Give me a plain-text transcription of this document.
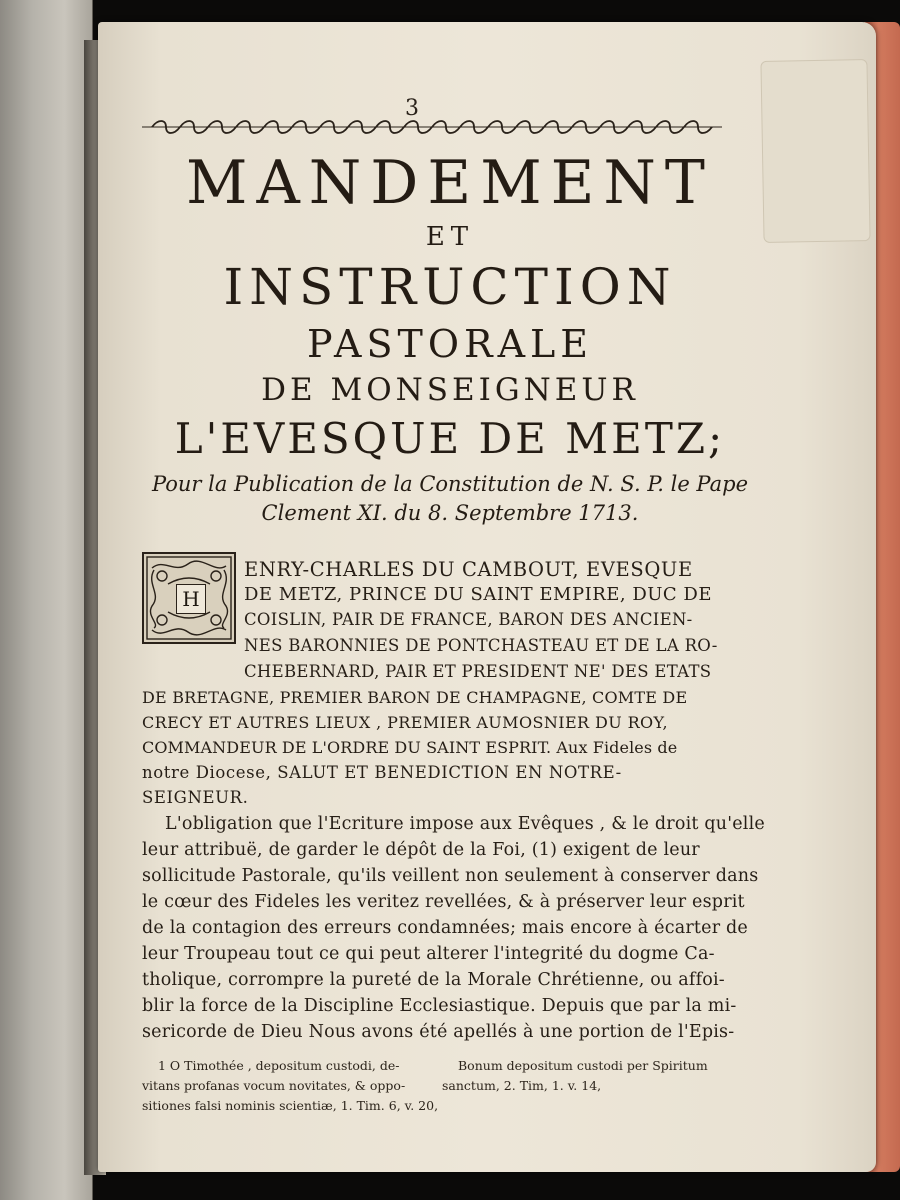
3
MANDEMENT
ET
INSTRUCTION
PASTORALE
DE MONSEIGNEUR
L'EVESQUE DE METZ;
Pour la Publication de la Constitution de N. S. P. le Pape
Clement XI. du 8. Septembre 1713.
H
ENRY-CHARLES DU CAMBOUT, EVESQUE
DE METZ, PRINCE DU SAINT EMPIRE, DUC DE
COISLIN, PAIR DE FRANCE, BARON DES ANCIEN-
NES BARONNIES DE PONTCHASTEAU ET DE LA RO-
CHEBERNARD, PAIR ET PRESIDENT NE' DES ETATS
DE BRETAGNE, PREMIER BARON DE CHAMPAGNE, COMTE DE
CRECY ET AUTRES LIEUX , PREMIER AUMOSNIER DU ROY,
COMMANDEUR DE L'ORDRE DU SAINT ESPRIT. Aux Fideles de
notre Diocese, SALUT ET BENEDICTION EN NOTRE-
SEIGNEUR.
L'obligation que l'Ecriture impose aux Evêques , & le droit qu'elle
leur attribuë, de garder le dépôt de la Foi, (1) exigent de leur
sollicitude Pastorale, qu'ils veillent non seulement à conserver dans
le cœur des Fideles les veritez revellées, & à préserver leur esprit
de la contagion des erreurs condamnées; mais encore à écarter de
leur Troupeau tout ce qui peut alterer l'integrité du dogme Ca-
tholique, corrompre la pureté de la Morale Chrétienne, ou affoi-
blir la force de la Discipline Ecclesiastique. Depuis que par la mi-
sericorde de Dieu Nous avons été apellés à une portion de l'Epis-
1 O Timothée , depositum custodi, de-
vitans profanas vocum novitates, & oppo-
sitiones falsi nominis scientiæ, 1. Tim. 6, v. 20,
Bonum depositum custodi per Spiritum
sanctum, 2. Tim, 1. v. 14,
